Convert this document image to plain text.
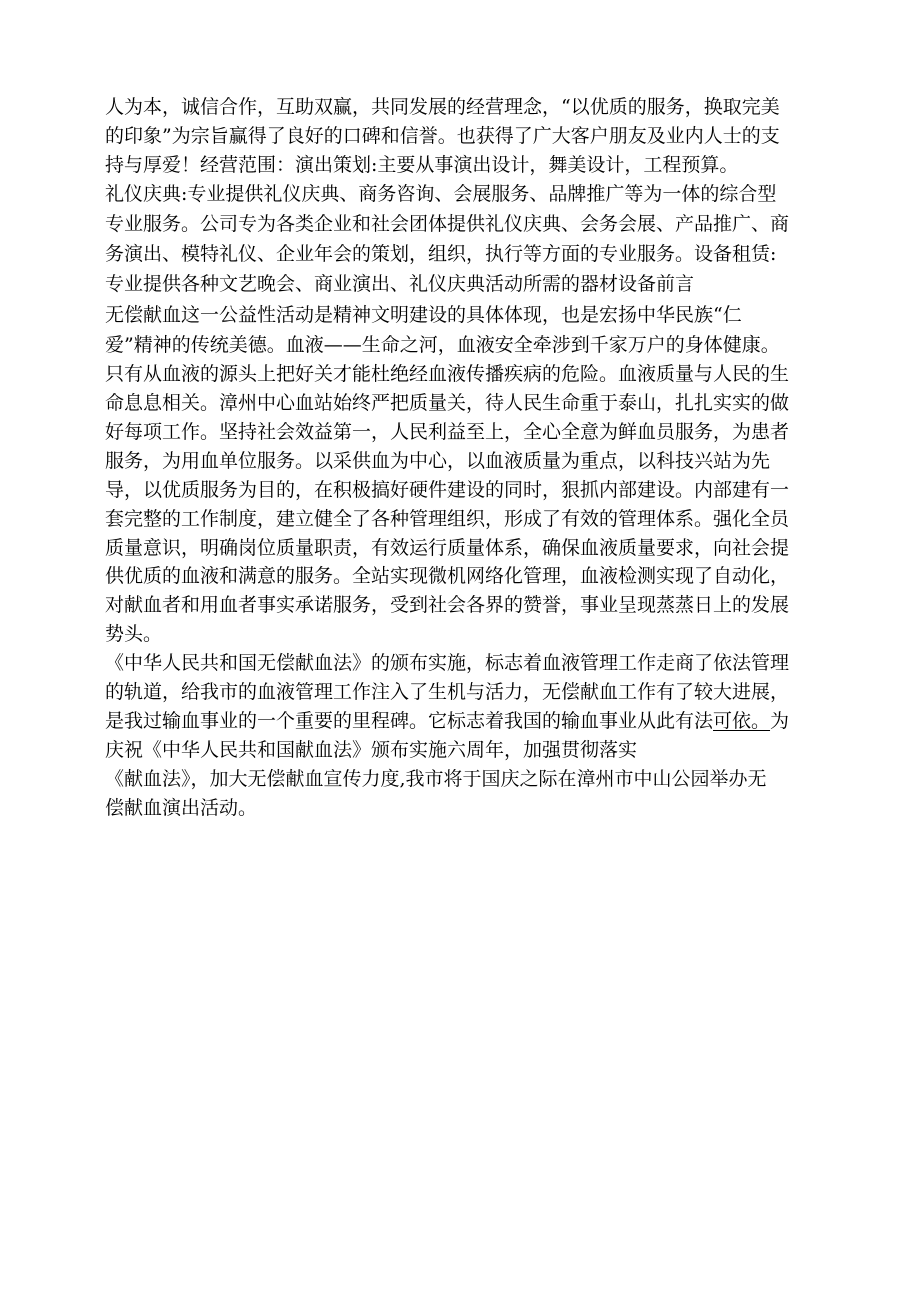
人为本，诚信合作，互助双赢，共同发展的经营理念，“以优质的服务，换取完美
的印象”为宗旨赢得了良好的口碑和信誉。也获得了广大客户朋友及业内人士的支
持与厚爱！经营范围：演出策划:主要从事演出设计，舞美设计，工程预算。
礼仪庆典:专业提供礼仪庆典、商务咨询、会展服务、品牌推广等为一体的综合型
专业服务。公司专为各类企业和社会团体提供礼仪庆典、会务会展、产品推广、商
务演出、模特礼仪、企业年会的策划，组织，执行等方面的专业服务。设备租赁:
专业提供各种文艺晚会、商业演出、礼仪庆典活动所需的器材设备前言
无偿献血这一公益性活动是精神文明建设的具体体现，也是宏扬中华民族“仁
爱”精神的传统美德。血液——生命之河，血液安全牵涉到千家万户的身体健康。
只有从血液的源头上把好关才能杜绝经血液传播疾病的危险。血液质量与人民的生
命息息相关。漳州中心血站始终严把质量关，待人民生命重于泰山，扎扎实实的做
好每项工作。坚持社会效益第一，人民利益至上，全心全意为鲜血员服务，为患者
服务，为用血单位服务。以采供血为中心，以血液质量为重点，以科技兴站为先
导，以优质服务为目的，在积极搞好硬件建设的同时，狠抓内部建设。内部建有一
套完整的工作制度，建立健全了各种管理组织，形成了有效的管理体系。强化全员
质量意识，明确岗位质量职责，有效运行质量体系，确保血液质量要求，向社会提
供优质的血液和满意的服务。全站实现微机网络化管理，血液检测实现了自动化，
对献血者和用血者事实承诺服务，受到社会各界的赞誉，事业呈现蒸蒸日上的发展
势头。
《中华人民共和国无偿献血法》的颁布实施，标志着血液管理工作走商了依法管理
的轨道，给我市的血液管理工作注入了生机与活力，无偿献血工作有了较大进展，
是我过输血事业的一个重要的里程碑。它标志着我国的输血事业从此有法可依。为
庆祝《中华人民共和国献血法》颁布实施六周年，加强贯彻落实
《献血法》，加大无偿献血宣传力度,我市将于国庆之际在漳州市中山公园举办无
偿献血演出活动。
